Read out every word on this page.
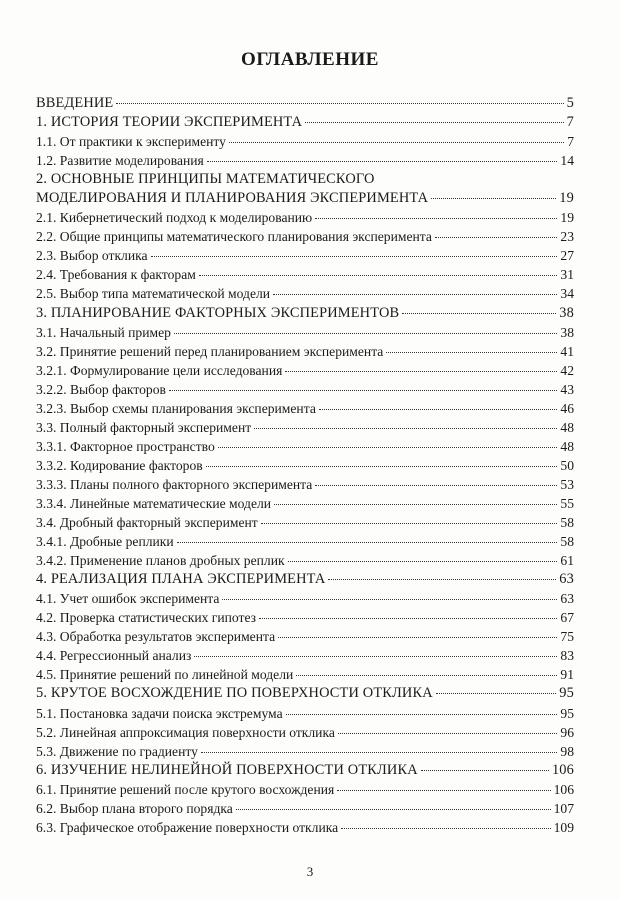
ОГЛАВЛЕНИЕ
ВВЕДЕНИЕ	5
1. ИСТОРИЯ ТЕОРИИ ЭКСПЕРИМЕНТА	7
1.1. От практики к эксперименту	7
1.2. Развитие моделирования	14
2. ОСНОВНЫЕ ПРИНЦИПЫ МАТЕМАТИЧЕСКОГО
МОДЕЛИРОВАНИЯ И ПЛАНИРОВАНИЯ ЭКСПЕРИМЕНТА	19
2.1. Кибернетический подход к моделированию	19
2.2. Общие принципы математического планирования эксперимента	23
2.3. Выбор отклика	27
2.4. Требования к факторам	31
2.5. Выбор типа математической модели	34
3. ПЛАНИРОВАНИЕ ФАКТОРНЫХ ЭКСПЕРИМЕНТОВ	38
3.1. Начальный пример	38
3.2. Принятие решений перед планированием эксперимента	41
3.2.1. Формулирование цели исследования	42
3.2.2. Выбор факторов	43
3.2.3. Выбор схемы планирования эксперимента	46
3.3. Полный факторный эксперимент	48
3.3.1. Факторное пространство	48
3.3.2. Кодирование факторов	50
3.3.3. Планы полного факторного эксперимента	53
3.3.4. Линейные математические модели	55
3.4. Дробный факторный эксперимент	58
3.4.1. Дробные реплики	58
3.4.2. Применение планов дробных реплик	61
4. РЕАЛИЗАЦИЯ ПЛАНА ЭКСПЕРИМЕНТА	63
4.1. Учет ошибок эксперимента	63
4.2. Проверка статистических гипотез	67
4.3. Обработка результатов эксперимента	75
4.4. Регрессионный анализ	83
4.5. Принятие решений по линейной модели	91
5. КРУТОЕ ВОСХОЖДЕНИЕ ПО ПОВЕРХНОСТИ ОТКЛИКА	95
5.1. Постановка задачи поиска экстремума	95
5.2. Линейная аппроксимация поверхности отклика	96
5.3. Движение по градиенту	98
6. ИЗУЧЕНИЕ НЕЛИНЕЙНОЙ ПОВЕРХНОСТИ ОТКЛИКА	106
6.1. Принятие решений после крутого восхождения	106
6.2. Выбор плана второго порядка	107
6.3. Графическое отображение поверхности отклика	109
3
